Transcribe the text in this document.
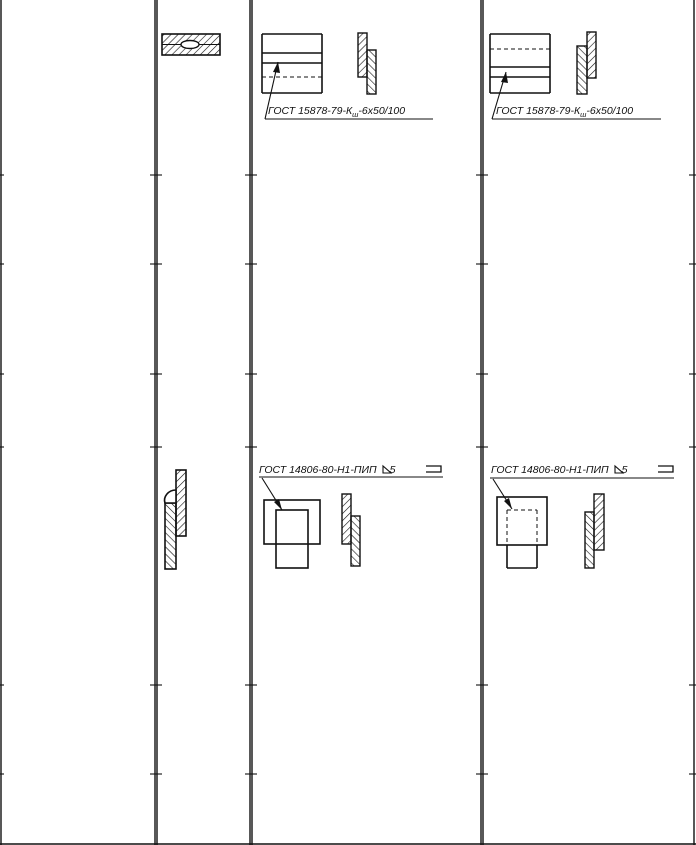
ГОСТ $15878-79-К_ш-6x50/100$	ГОСТ $15878-79-К_ш-6x50/100$
ГОСТ 14806-80-Н1-ПИП 5	ГОСТ 14806-80-Н1-ПИП 5
